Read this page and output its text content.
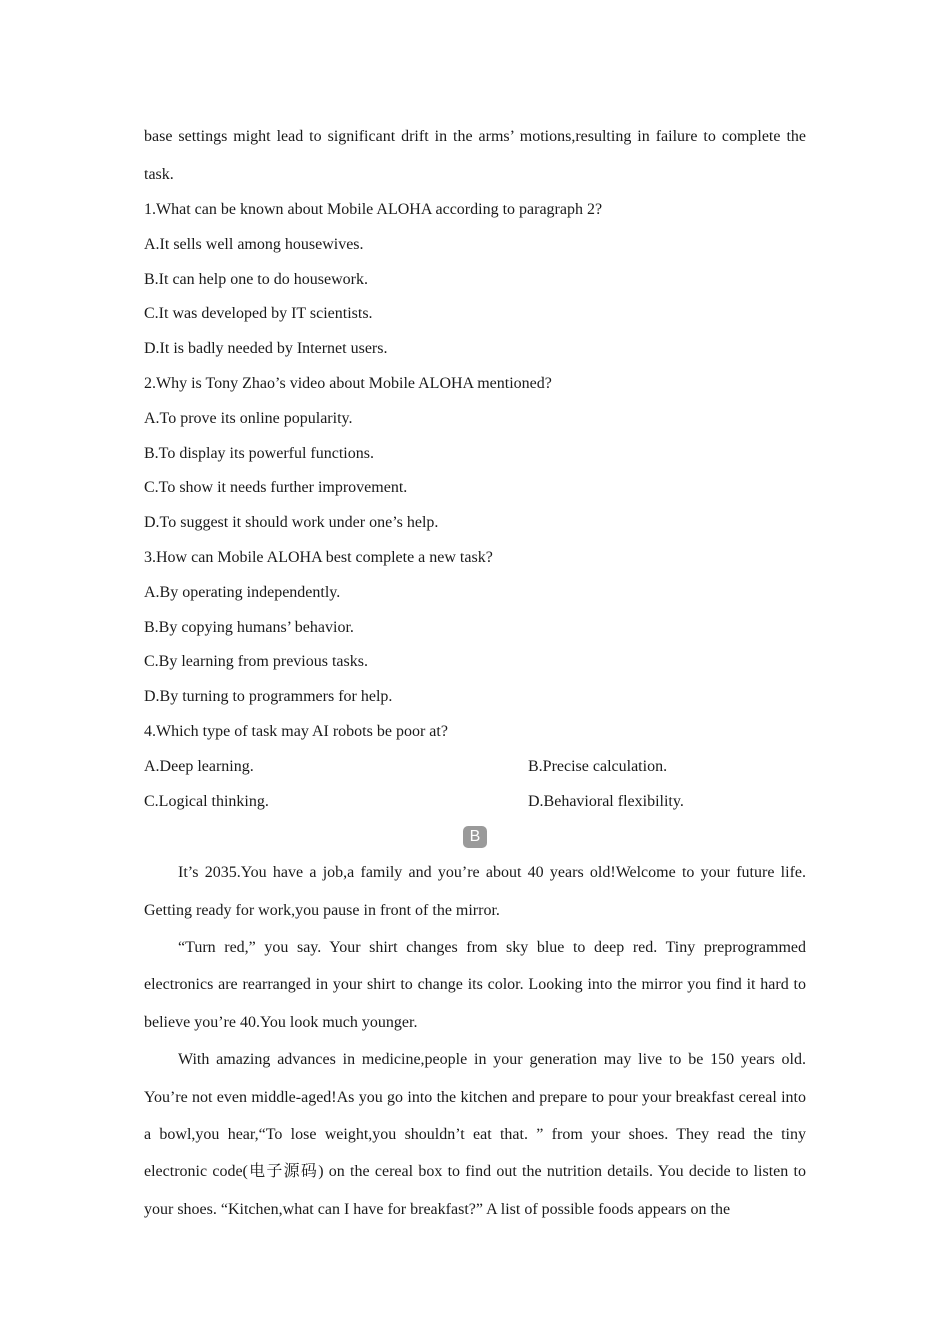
base settings might lead to significant drift in the arms’ motions,resulting in failure to complete the task.

1.What can be known about Mobile ALOHA according to paragraph 2?

A.It sells well among housewives.

B.It can help one to do housework.

C.It was developed by IT scientists.

D.It is badly needed by Internet users.

2.Why is Tony Zhao’s video about Mobile ALOHA mentioned?

A.To prove its online popularity.

B.To display its powerful functions.

C.To show it needs further improvement.

D.To suggest it should work under one’s help.

3.How can Mobile ALOHA best complete a new task?

A.By operating independently.

B.By copying humans’ behavior.

C.By learning from previous tasks.

D.By turning to programmers for help.

4.Which type of task may AI robots be poor at?

A.Deep learning.	B.Precise calculation.
C.Logical thinking.	D.Behavioral flexibility.
B

It’s 2035.You have a job,a family and you’re about 40 years old!Welcome to your future life. Getting ready for work,you pause in front of the mirror.

“Turn red,” you say. Your shirt changes from sky blue to deep red. Tiny preprogrammed electronics are rearranged in your shirt to change its color. Looking into the mirror you find it hard to believe you’re 40.You look much younger.

With amazing advances in medicine,people in your generation may live to be 150 years old. You’re not even middle-aged!As you go into the kitchen and prepare to pour your breakfast cereal into a bowl,you hear,“To lose weight,you shouldn’t eat that. ” from your shoes. They read the tiny electronic code(电子源码) on the cereal box to find out the nutrition details. You decide to listen to your shoes. “Kitchen,what can I have for breakfast?” A list of possible foods appears on the
